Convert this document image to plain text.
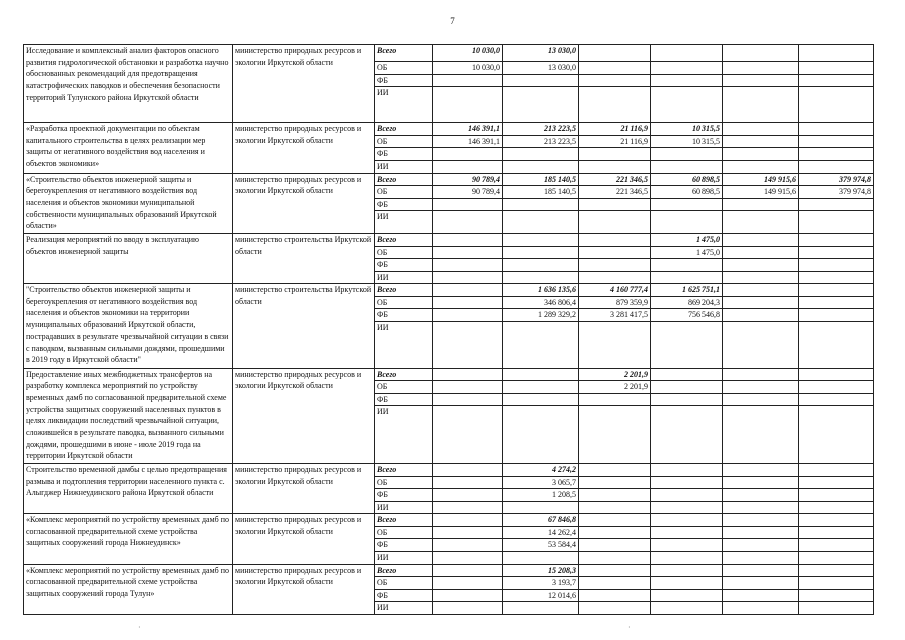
7
Исследование и комплексный анализ факторов опасного развития гидрологической обстановки и разработка научно обоснованных рекомендаций для предотвращения катастрофических паводков и обеспечения безопасности территорий Тулунского района Иркутской области	министерство природных ресурсов и экологии Иркутской области	Всего	10 030,0	13 030,0				
		ОБ	10 030,0	13 030,0				
		ФБ						
		ИИ						
«Разработка проектной документации по объектам капитального строительства в целях реализации мер защиты от негативного воздействия вод населения и объектов экономики»	министерство природных ресурсов и экологии Иркутской области	Всего	146 391,1	213 223,5	21 116,9	10 315,5		
		ОБ	146 391,1	213 223,5	21 116,9	10 315,5		
		ФБ						
		ИИ						
«Строительство объектов инженерной защиты и берегоукрепления от негативного воздействия вод населения и объектов экономики муниципальной собственности муниципальных образований Иркутской области»	министерство природных ресурсов и экологии Иркутской области	Всего	90 789,4	185 140,5	221 346,5	60 898,5	149 915,6	379 974,8
		ОБ	90 789,4	185 140,5	221 346,5	60 898,5	149 915,6	379 974,8
		ФБ						
		ИИ						
Реализация мероприятий по вводу в эксплуатацию объектов инженерной защиты	министерство строительства Иркутской области	Всего				1 475,0		
		ОБ				1 475,0		
		ФБ						
		ИИ						
"Строительство объектов инженерной защиты и берегоукрепления от негативного воздействия вод населения и объектов экономики на территории муниципальных образований Иркутской области, пострадавших в результате чрезвычайной ситуации в связи с паводком, вызванным сильными дождями, прошедшими в 2019 году в Иркутской области"	министерство строительства Иркутской области	Всего		1 636 135,6	4 160 777,4	1 625 751,1		
		ОБ		346 806,4	879 359,9	869 204,3		
		ФБ		1 289 329,2	3 281 417,5	756 546,8		
		ИИ						
Предоставление иных межбюджетных трансфертов на разработку комплекса мероприятий по устройству временных дамб по согласованной предварительной схеме устройства защитных сооружений населенных пунктов в целях ликвидации последствий чрезвычайной ситуации, сложившейся в результате паводка, вызванного сильными дождями, прошедшими в июне - июле 2019 года на территории Иркутской области	министерство природных ресурсов и экологии Иркутской области	Всего			2 201,9			
		ОБ			2 201,9			
		ФБ						
		ИИ						
Строительство временной дамбы с целью предотвращения размыва и подтопления территории населенного пункта с. Алыгджер Нижнеудинского района Иркутской области	министерство природных ресурсов и экологии Иркутской области	Всего		4 274,2				
		ОБ		3 065,7				
		ФБ		1 208,5				
		ИИ						
«Комплекс мероприятий по устройству временных дамб по согласованной предварительной схеме устройства защитных сооружений города Нижнеудинск»	министерство природных ресурсов и экологии Иркутской области	Всего		67 846,8				
		ОБ		14 262,4				
		ФБ		53 584,4				
		ИИ						
«Комплекс мероприятий по устройству временных дамб по согласованной предварительной схеме устройства защитных сооружений города Тулун»	министерство природных ресурсов и экологии Иркутской области	Всего		15 208,3				
		ОБ		3 193,7				
		ФБ		12 014,6				
		ИИ						
·	·
